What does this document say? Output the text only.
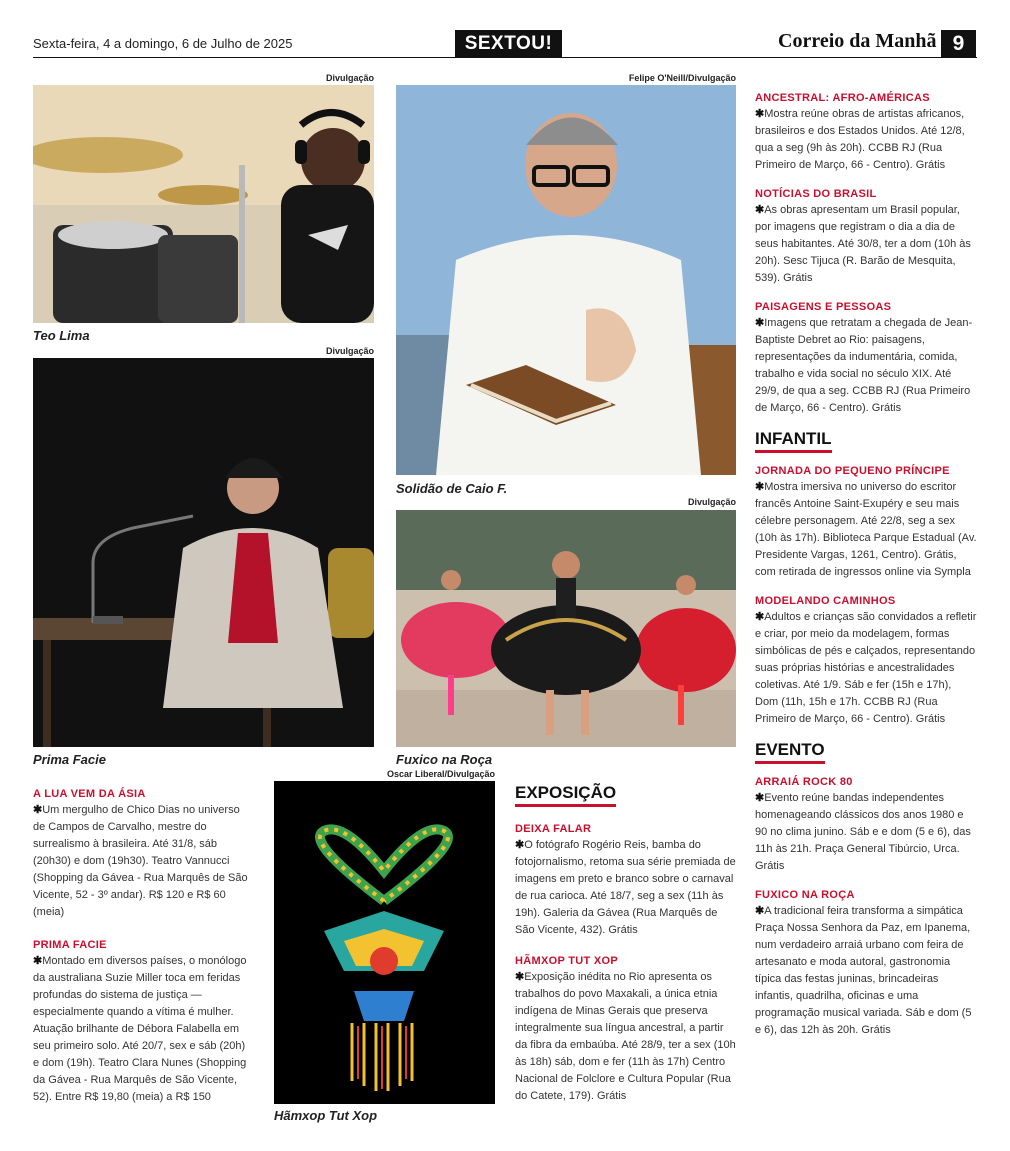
Sexta-feira, 4 a domingo, 6 de Julho de 2025	SEXTOU!	Correio da Manhã 9
Divulgação
Teo Lima
Divulgação
Prima Facie
Felipe O'Neill/Divulgação
Solidão de Caio F.
Divulgação
Fuxico na Roça
Oscar Liberal/Divulgação
Hãmxop Tut Xop
A LUA VEM DA ÁSIA
✱Um mergulho de Chico Dias no universo de Campos de Carvalho, mestre do surrealismo à brasileira. Até 31/8, sáb (20h30) e dom (19h30). Teatro Vannucci (Shopping da Gávea - Rua Marquês de São Vicente, 52 - 3º andar). R$ 120 e R$ 60 (meia)
PRIMA FACIE
✱Montado em diversos países, o monólogo da australiana Suzie Miller toca em feridas profundas do sistema de justiça — especialmente quando a vítima é mulher. Atuação brilhante de Débora Falabella em seu primeiro solo. Até 20/7, sex e sáb (20h) e dom (19h). Teatro Clara Nunes (Shopping da Gávea - Rua Marquês de São Vicente, 52). Entre R$ 19,80 (meia) a R$ 150
EXPOSIÇÃO
DEIXA FALAR
✱O fotógrafo Rogério Reis, bamba do fotojornalismo, retoma sua série premiada de imagens em preto e branco sobre o carnaval de rua carioca. Até 18/7, seg a sex (11h às 19h). Galeria da Gávea (Rua Marquês de São Vicente, 432). Grátis
HÃMXOP TUT XOP
✱Exposição inédita no Rio apresenta os trabalhos do povo Maxakali, a única etnia indígena de Minas Gerais que preserva integralmente sua língua ancestral, a partir da fibra da embaúba. Até 28/9, ter a sex (10h às 18h) sáb, dom e fer (11h às 17h) Centro Nacional de Folclore e Cultura Popular (Rua do Catete, 179). Grátis
ANCESTRAL: AFRO-AMÉRICAS
✱Mostra reúne obras de artistas africanos, brasileiros e dos Estados Unidos. Até 12/8, qua a seg (9h às 20h). CCBB RJ (Rua Primeiro de Março, 66 - Centro). Grátis
NOTÍCIAS DO BRASIL
✱As obras apresentam um Brasil popular, por imagens que registram o dia a dia de seus habitantes. Até 30/8, ter a dom (10h às 20h). Sesc Tijuca (R. Barão de Mesquita, 539). Grátis
PAISAGENS E PESSOAS
✱Imagens que retratam a chegada de Jean-Baptiste Debret ao Rio: paisagens, representações da indumentária, comida, trabalho e vida social no século XIX. Até 29/9, de qua a seg. CCBB RJ (Rua Primeiro de Março, 66 - Centro). Grátis
INFANTIL
JORNADA DO PEQUENO PRÍNCIPE
✱Mostra imersiva no universo do escritor francês Antoine Saint-Exupéry e seu mais célebre personagem. Até 22/8, seg a sex (10h às 17h). Biblioteca Parque Estadual (Av. Presidente Vargas, 1261, Centro). Grátis, com retirada de ingressos online via Sympla
MODELANDO CAMINHOS
✱Adultos e crianças são convidados a refletir e criar, por meio da modelagem, formas simbólicas de pés e calçados, representando suas próprias histórias e ancestralidades coletivas. Até 1/9. Sáb e fer (15h e 17h), Dom (11h, 15h e 17h. CCBB RJ (Rua Primeiro de Março, 66 - Centro). Grátis
EVENTO
ARRAIÁ ROCK 80
✱Evento reúne bandas independentes homenageando clássicos dos anos 1980 e 90 no clima junino. Sáb e e dom (5 e 6), das 11h às 21h. Praça General Tibúrcio, Urca. Grátis
FUXICO NA ROÇA
✱A tradicional feira transforma a simpática Praça Nossa Senhora da Paz, em Ipanema, num verdadeiro arraiá urbano com feira de artesanato e moda autoral, gastronomia típica das festas juninas, brincadeiras infantis, quadrilha, oficinas e uma programação musical variada. Sáb e dom (5 e 6), das 12h às 20h. Grátis
